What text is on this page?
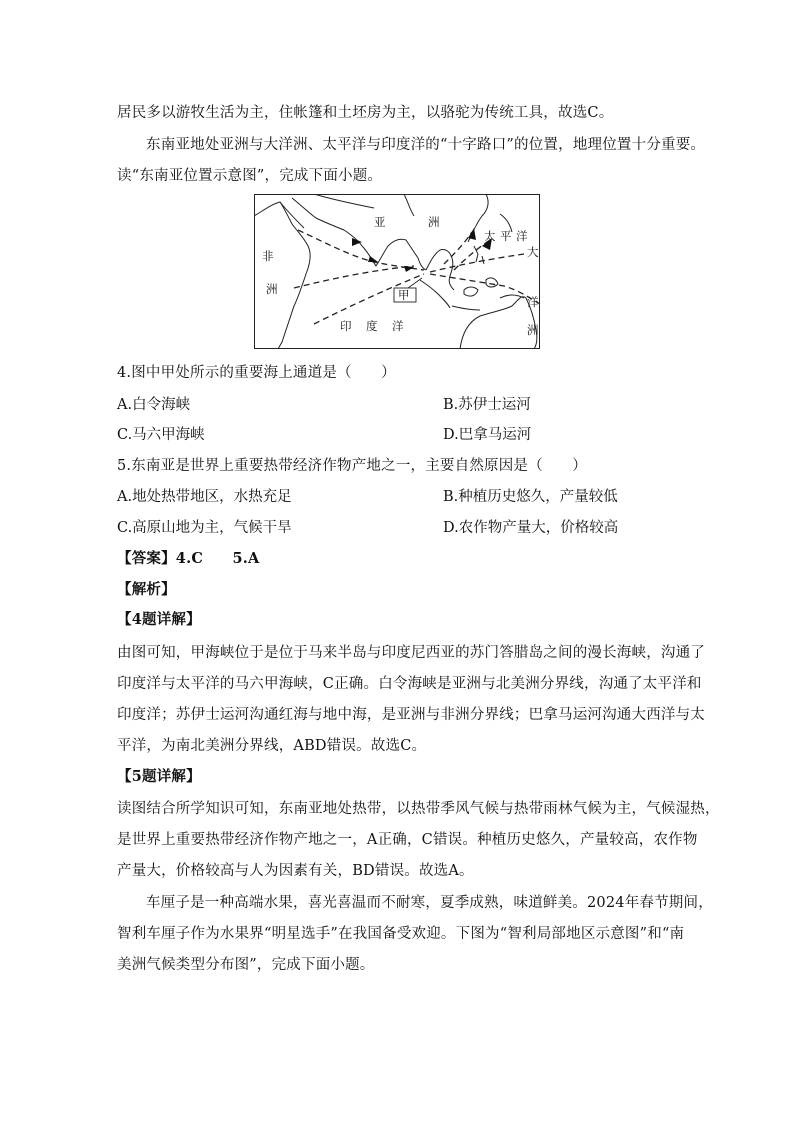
居民多以游牧生活为主，住帐篷和土坯房为主，以骆驼为传统工具，故选C。
东南亚地处亚洲与大洋洲、太平洋与印度洋的“十字路口”的位置，地理位置十分重要。
读“东南亚位置示意图”，完成下面小题。
甲
非
洲
亚	洲
太 平 洋
大
洋
洲
印 度 洋
4.图中甲处所示的重要海上通道是（　　）
A.白令海峡	B.苏伊士运河
C.马六甲海峡	D.巴拿马运河
5.东南亚是世界上重要热带经济作物产地之一，主要自然原因是（　　）
A.地处热带地区，水热充足	B.种植历史悠久，产量较低
C.高原山地为主，气候干旱	D.农作物产量大，价格较高
【答案】4.C　　5.A
【解析】
【4题详解】
由图可知，甲海峡位于是位于马来半岛与印度尼西亚的苏门答腊岛之间的漫长海峡，沟通了
印度洋与太平洋的马六甲海峡，C正确。白令海峡是亚洲与北美洲分界线，沟通了太平洋和
印度洋；苏伊士运河沟通红海与地中海，是亚洲与非洲分界线；巴拿马运河沟通大西洋与太
平洋，为南北美洲分界线，ABD错误。故选C。
【5题详解】
读图结合所学知识可知，东南亚地处热带，以热带季风气候与热带雨林气候为主，气候湿热，
是世界上重要热带经济作物产地之一，A正确，C错误。种植历史悠久，产量较高，农作物
产量大，价格较高与人为因素有关，BD错误。故选A。
车厘子是一种高端水果，喜光喜温而不耐寒，夏季成熟，味道鲜美。2024年春节期间，
智利车厘子作为水果界“明星选手”在我国备受欢迎。下图为“智利局部地区示意图”和“南
美洲气候类型分布图”，完成下面小题。
